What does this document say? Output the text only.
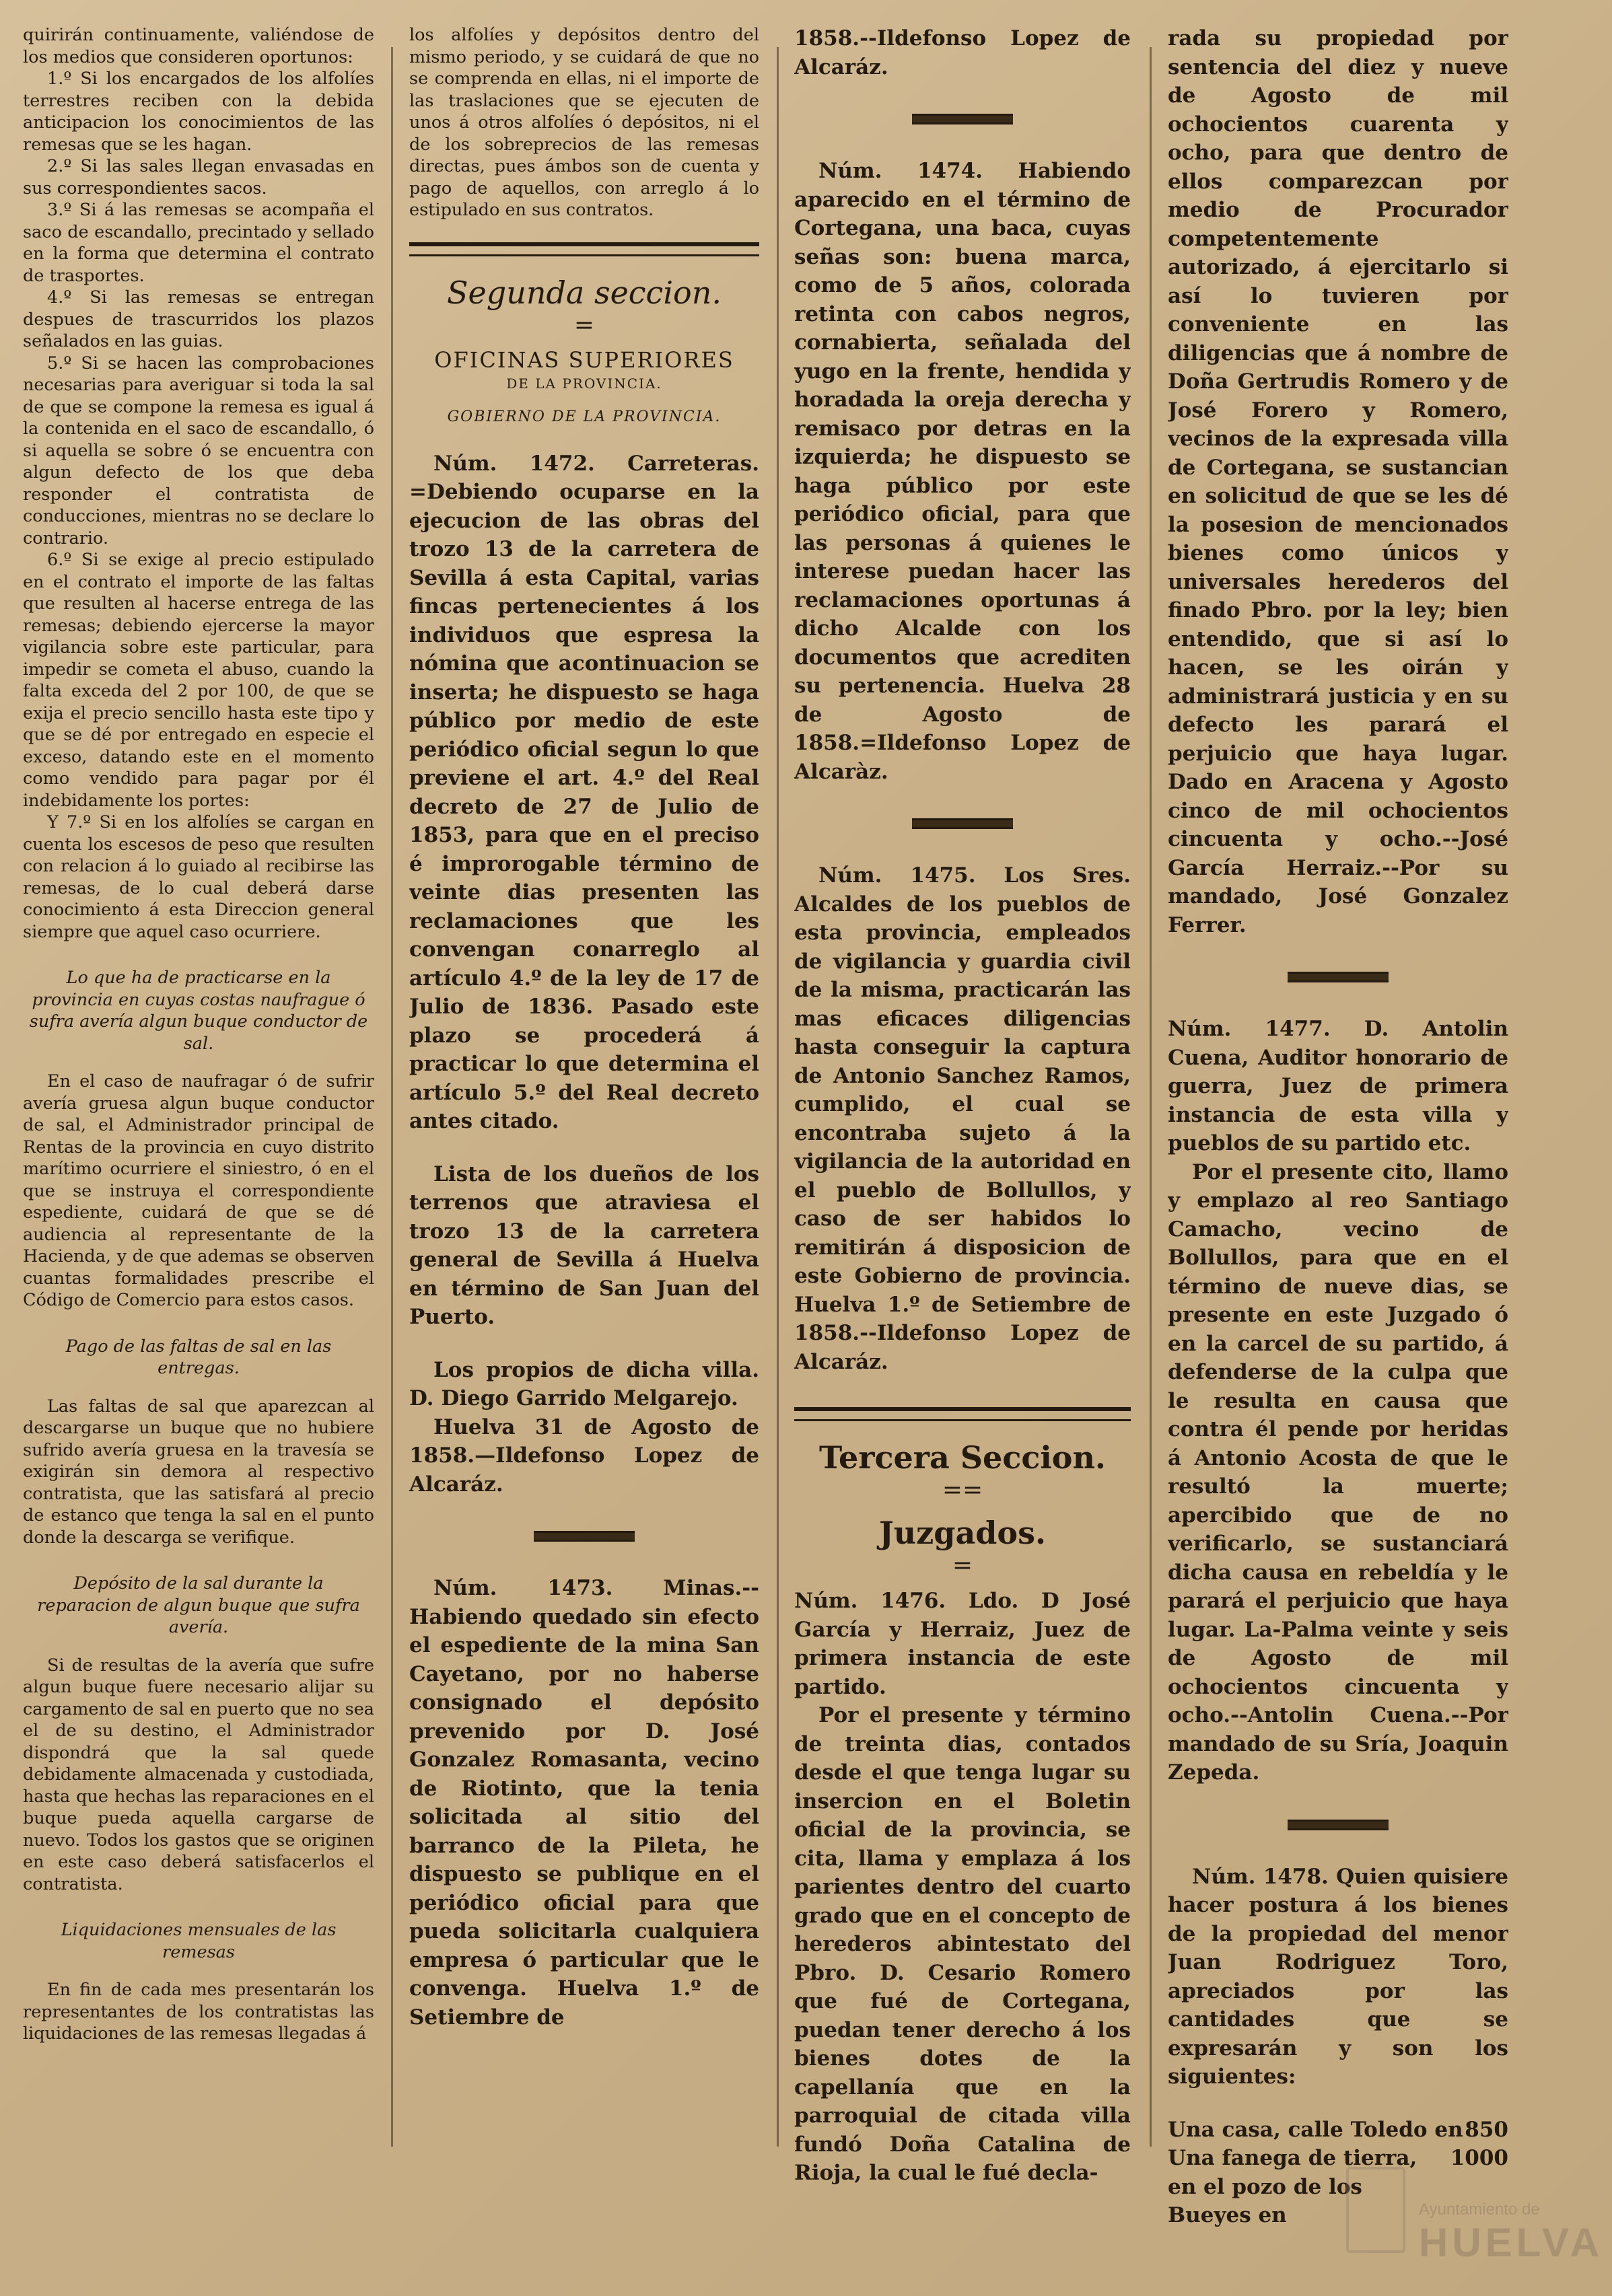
quirirán continuamente, valiéndose de los medios que consideren oportunos:

1.º Si los encargados de los alfolíes terrestres reciben con la debida anticipacion los conocimientos de las remesas que se les hagan.

2.º Si las sales llegan envasadas en sus correspondientes sacos.

3.º Si á las remesas se acompaña el saco de escandallo, precintado y sellado en la forma que determina el contrato de trasportes.

4.º Si las remesas se entregan despues de trascurridos los plazos señalados en las guias.

5.º Si se hacen las comprobaciones necesarias para averiguar si toda la sal de que se compone la remesa es igual á la contenida en el saco de escandallo, ó si aquella se sobre ó se encuentra con algun defecto de los que deba responder el contratista de conducciones, mientras no se declare lo contrario.

6.º Si se exige al precio estipulado en el contrato el importe de las faltas que resulten al hacerse entrega de las remesas; debiendo ejercerse la mayor vigilancia sobre este particular, para impedir se cometa el abuso, cuando la falta exceda del 2 por 100, de que se exija el precio sencillo hasta este tipo y que se dé por entregado en especie el exceso, datando este en el momento como vendido para pagar por él indebidamente los portes:

Y 7.º Si en los alfolíes se cargan en cuenta los escesos de peso que resulten con relacion á lo guiado al recibirse las remesas, de lo cual deberá darse conocimiento á esta Direccion general siempre que aquel caso ocurriere.

Lo que ha de practicarse en la provincia en cuyas costas naufrague ó sufra avería algun buque conductor de sal.

En el caso de naufragar ó de sufrir avería gruesa algun buque conductor de sal, el Administrador principal de Rentas de la provincia en cuyo distrito marítimo ocurriere el siniestro, ó en el que se instruya el correspondiente espediente, cuidará de que se dé audiencia al representante de la Hacienda, y de que ademas se observen cuantas formalidades prescribe el Código de Comercio para estos casos.

Pago de las faltas de sal en las entregas.

Las faltas de sal que aparezcan al descargarse un buque que no hubiere sufrido avería gruesa en la travesía se exigirán sin demora al respectivo contratista, que las satisfará al precio de estanco que tenga la sal en el punto donde la descarga se verifique.

Depósito de la sal durante la reparacion de algun buque que sufra avería.

Si de resultas de la avería que sufre algun buque fuere necesario alijar su cargamento de sal en puerto que no sea el de su destino, el Administrador dispondrá que la sal quede debidamente almacenada y custodiada, hasta que hechas las reparaciones en el buque pueda aquella cargarse de nuevo. Todos los gastos que se originen en este caso deberá satisfacerlos el contratista.

Liquidaciones mensuales de las remesas

En fin de cada mes presentarán los representantes de los contratistas las liquidaciones de las remesas llegadas á

los alfolíes y depósitos dentro del mismo periodo, y se cuidará de que no se comprenda en ellas, ni el importe de las traslaciones que se ejecuten de unos á otros alfolíes ó depósitos, ni el de los sobreprecios de las remesas directas, pues ámbos son de cuenta y pago de aquellos, con arreglo á lo estipulado en sus contratos.

Segunda seccion.
=
OFICINAS SUPERIORES
DE LA PROVINCIA.
GOBIERNO DE LA PROVINCIA.

Núm. 1472. Carreteras. =Debiendo ocuparse en la ejecucion de las obras del trozo 13 de la carretera de Sevilla á esta Capital, varias fincas pertenecientes á los individuos que espresa la nómina que acontinuacion se inserta; he dispuesto se haga público por medio de este periódico oficial segun lo que previene el art. 4.º del Real decreto de 27 de Julio de 1853, para que en el preciso é improrogable término de veinte dias presenten las reclamaciones que les convengan conarreglo al artículo 4.º de la ley de 17 de Julio de 1836. Pasado este plazo se procederá á practicar lo que determina el artículo 5.º del Real decreto antes citado.

Lista de los dueños de los terrenos que atraviesa el trozo 13 de la carretera general de Sevilla á Huelva en término de San Juan del Puerto.

Los propios de dicha villa. D. Diego Garrido Melgarejo.

Huelva 31 de Agosto de 1858.—Ildefonso Lopez de Alcaráz.

Núm. 1473. Minas.--Habiendo quedado sin efecto el espediente de la mina San Cayetano, por no haberse consignado el depósito prevenido por D. José Gonzalez Romasanta, vecino de Riotinto, que la tenia solicitada al sitio del barranco de la Pileta, he dispuesto se publique en el periódico oficial para que pueda solicitarla cualquiera empresa ó particular que le convenga. Huelva 1.º de Setiembre de

1858.--Ildefonso Lopez de Alcaráz.

Núm. 1474. Habiendo aparecido en el término de Cortegana, una baca, cuyas señas son: buena marca, como de 5 años, colorada retinta con cabos negros, cornabierta, señalada del yugo en la frente, hendida y horadada la oreja derecha y remisaco por detras en la izquierda; he dispuesto se haga público por este periódico oficial, para que las personas á quienes le interese puedan hacer las reclamaciones oportunas á dicho Alcalde con los documentos que acrediten su pertenencia. Huelva 28 de Agosto de 1858.=Ildefonso Lopez de Alcaràz.

Núm. 1475. Los Sres. Alcaldes de los pueblos de esta provincia, empleados de vigilancia y guardia civil de la misma, practicarán las mas eficaces diligencias hasta conseguir la captura de Antonio Sanchez Ramos, cumplido, el cual se encontraba sujeto á la vigilancia de la autoridad en el pueblo de Bollullos, y caso de ser habidos lo remitirán á disposicion de este Gobierno de provincia. Huelva 1.º de Setiembre de 1858.--Ildefonso Lopez de Alcaráz.

Tercera Seccion.
==
Juzgados.
=

Núm. 1476. Ldo. D José García y Herraiz, Juez de primera instancia de este partido.

Por el presente y término de treinta dias, contados desde el que tenga lugar su insercion en el Boletin oficial de la provincia, se cita, llama y emplaza á los parientes dentro del cuarto grado que en el concepto de herederos abintestato del Pbro. D. Cesario Romero que fué de Cortegana, puedan tener derecho á los bienes dotes de la capellanía que en la parroquial de citada villa fundó Doña Catalina de Rioja, la cual le fué decla-

rada su propiedad por sentencia del diez y nueve de Agosto de mil ochocientos cuarenta y ocho, para que dentro de ellos comparezcan por medio de Procurador competentemente autorizado, á ejercitarlo si así lo tuvieren por conveniente en las diligencias que á nombre de Doña Gertrudis Romero y de José Forero y Romero, vecinos de la expresada villa de Cortegana, se sustancian en solicitud de que se les dé la posesion de mencionados bienes como únicos y universales herederos del finado Pbro. por la ley; bien entendido, que si así lo hacen, se les oirán y administrará justicia y en su defecto les parará el perjuicio que haya lugar. Dado en Aracena y Agosto cinco de mil ochocientos cincuenta y ocho.--José García Herraiz.--Por su mandado, José Gonzalez Ferrer.

Núm. 1477. D. Antolin Cuena, Auditor honorario de guerra, Juez de primera instancia de esta villa y pueblos de su partido etc.

Por el presente cito, llamo y emplazo al reo Santiago Camacho, vecino de Bollullos, para que en el término de nueve dias, se presente en este Juzgado ó en la carcel de su partido, á defenderse de la culpa que le resulta en causa que contra él pende por heridas á Antonio Acosta de que le resultó la muerte; apercibido que de no verificarlo, se sustanciará dicha causa en rebeldía y le parará el perjuicio que haya lugar. La-Palma veinte y seis de Agosto de mil ochocientos cincuenta y ocho.--Antolin Cuena.--Por mandado de su Sría, Joaquin Zepeda.

Núm. 1478. Quien quisiere hacer postura á los bienes de la propiedad del menor Juan Rodriguez Toro, apreciados por las cantidades que se expresarán y son los siguientes:

Una casa, calle Toledo en 850
Una fanega de tierra, en el pozo de los Bueyes en
1000
Ayuntamiento de
HUELVA
